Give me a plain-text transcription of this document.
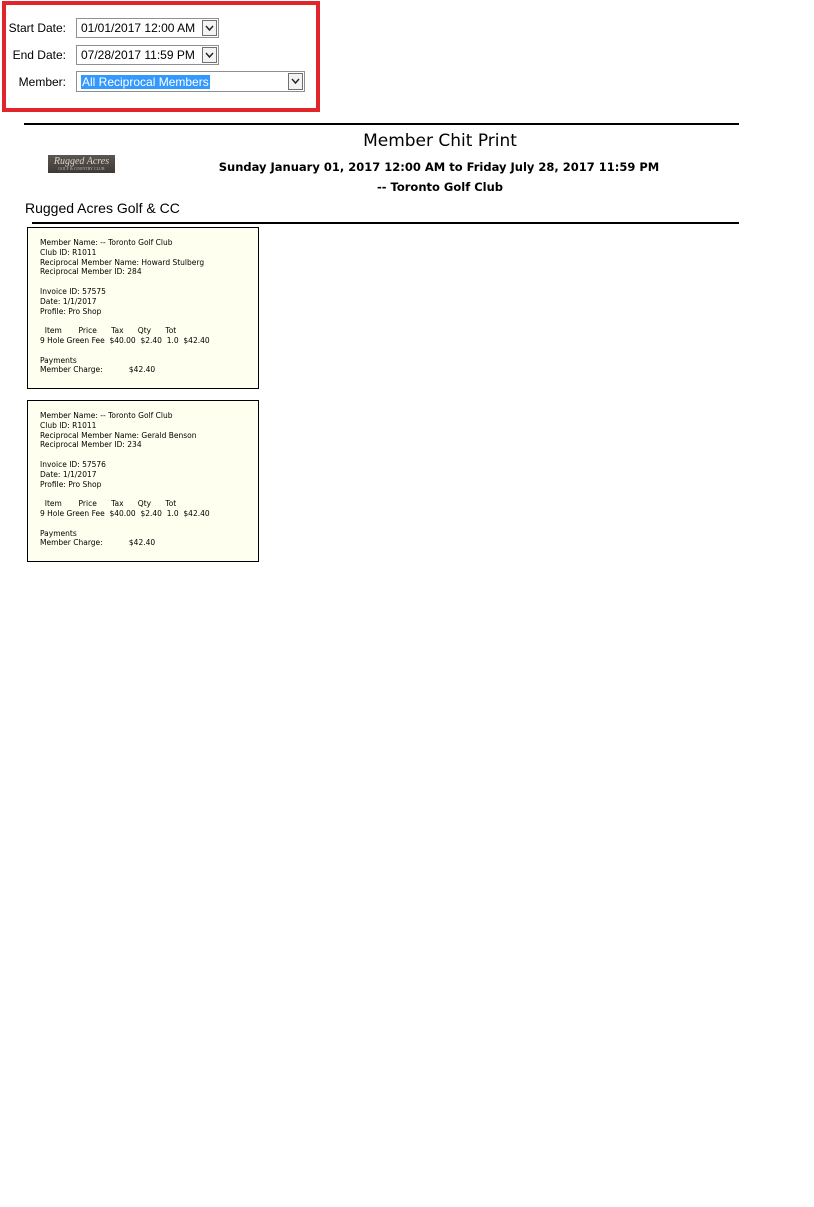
Start Date: 01/01/2017 12:00 AM
End Date: 07/28/2017 11:59 PM
Member: All Reciprocal Members
Member Chit Print
Rugged Acres
GOLF & COUNTRY CLUB	Sunday January 01, 2017 12:00 AM to Friday July 28, 2017 11:59 PM
-- Toronto Golf Club
Rugged Acres Golf & CC
Member Name: -- Toronto Golf Club
Club ID: R1011
Reciprocal Member Name: Howard Stulberg
Reciprocal Member ID: 284
Invoice ID: 57575
Date: 1/1/2017
Profile: Pro Shop
Item       Price      Tax      Qty      Tot
9 Hole Green Fee  $40.00  $2.40  1.0  $42.40
Payments
Member Charge:           $42.40
Member Name: -- Toronto Golf Club
Club ID: R1011
Reciprocal Member Name: Gerald Benson
Reciprocal Member ID: 234
Invoice ID: 57576
Date: 1/1/2017
Profile: Pro Shop
Item       Price      Tax      Qty      Tot
9 Hole Green Fee  $40.00  $2.40  1.0  $42.40
Payments
Member Charge:           $42.40
